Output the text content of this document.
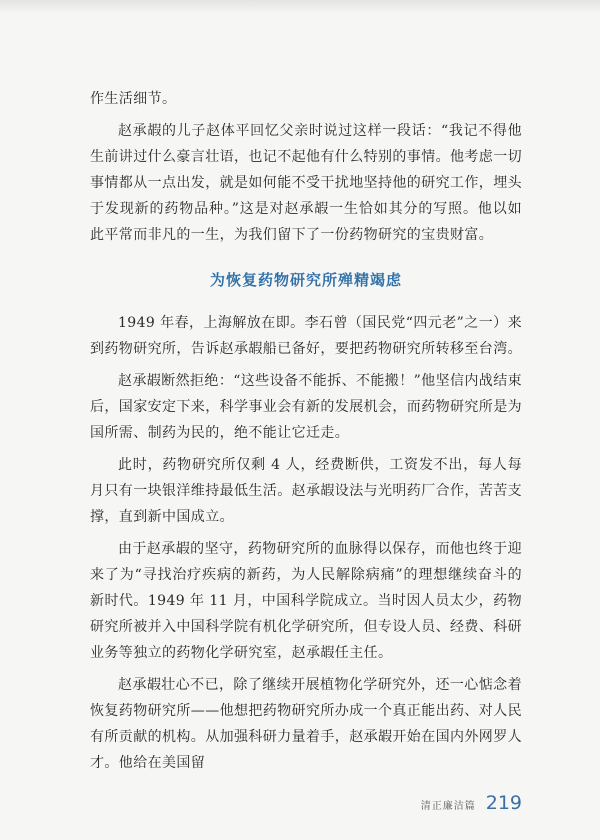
作生活细节。

赵承嘏的儿子赵体平回忆父亲时说过这样一段话：“我记不得他生前讲过什么豪言壮语，也记不起他有什么特别的事情。他考虑一切事情都从一点出发，就是如何能不受干扰地坚持他的研究工作，埋头于发现新的药物品种。”这是对赵承嘏一生恰如其分的写照。他以如此平常而非凡的一生，为我们留下了一份药物研究的宝贵财富。

为恢复药物研究所殚精竭虑

1949 年春，上海解放在即。李石曾（国民党“四元老”之一）来到药物研究所，告诉赵承嘏船已备好，要把药物研究所转移至台湾。

赵承嘏断然拒绝：“这些设备不能拆、不能搬！”他坚信内战结束后，国家安定下来，科学事业会有新的发展机会，而药物研究所是为国所需、制药为民的，绝不能让它迁走。

此时，药物研究所仅剩 4 人，经费断供，工资发不出，每人每月只有一块银洋维持最低生活。赵承嘏设法与光明药厂合作，苦苦支撑，直到新中国成立。

由于赵承嘏的坚守，药物研究所的血脉得以保存，而他也终于迎来了为“寻找治疗疾病的新药，为人民解除病痛”的理想继续奋斗的新时代。1949 年 11 月，中国科学院成立。当时因人员太少，药物研究所被并入中国科学院有机化学研究所，但专设人员、经费、科研业务等独立的药物化学研究室，赵承嘏任主任。

赵承嘏壮心不已，除了继续开展植物化学研究外，还一心惦念着恢复药物研究所——他想把药物研究所办成一个真正能出药、对人民有所贡献的机构。从加强科研力量着手，赵承嘏开始在国内外网罗人才。他给在美国留

清正廉洁篇 219
